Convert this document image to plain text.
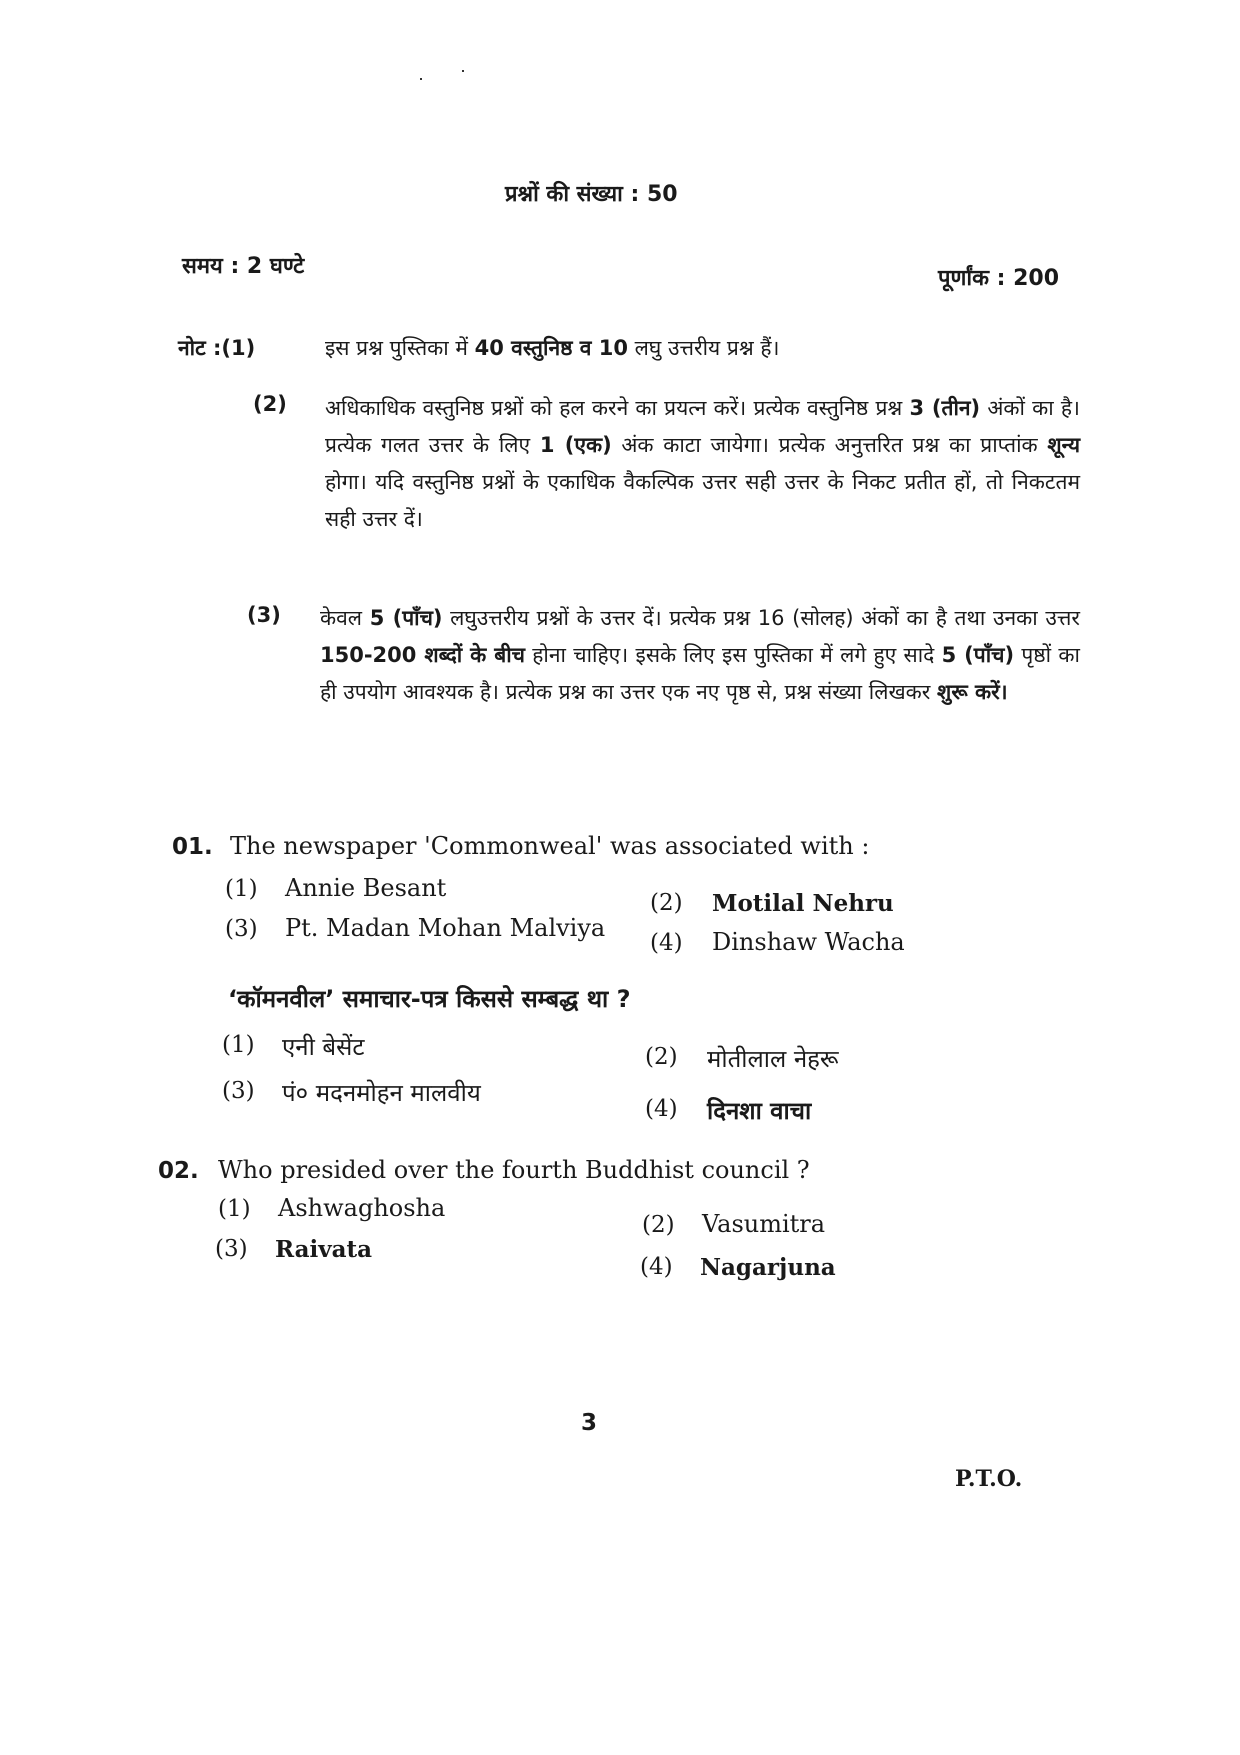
प्रश्नों की संख्या : 50
समय : 2 घण्टे	पूर्णांक : 200
नोट :(1)	इस प्रश्न पुस्तिका में 40 वस्तुनिष्ठ व 10 लघु उत्तरीय प्रश्न हैं।
(2) अधिकाधिक वस्तुनिष्ठ प्रश्नों को हल करने का प्रयत्न करें। प्रत्येक वस्तुनिष्ठ प्रश्न 3 (तीन) अंकों का है। प्रत्येक गलत उत्तर के लिए 1 (एक) अंक काटा जायेगा। प्रत्येक अनुत्तरित प्रश्न का प्राप्तांक शून्य होगा। यदि वस्तुनिष्ठ प्रश्नों के एकाधिक वैकल्पिक उत्तर सही उत्तर के निकट प्रतीत हों, तो निकटतम सही उत्तर दें।
(3) केवल 5 (पाँच) लघुउत्तरीय प्रश्नों के उत्तर दें। प्रत्येक प्रश्न 16 (सोलह) अंकों का है तथा उनका उत्तर 150-200 शब्दों के बीच होना चाहिए। इसके लिए इस पुस्तिका में लगे हुए सादे 5 (पाँच) पृष्ठों का ही उपयोग आवश्यक है। प्रत्येक प्रश्न का उत्तर एक नए पृष्ठ से, प्रश्न संख्या लिखकर शुरू करें।
01. The newspaper 'Commonweal' was associated with :
(1) Annie Besant
(2) Motilal Nehru
(3) Pt. Madan Mohan Malviya
(4) Dinshaw Wacha
‘कॉमनवील’ समाचार-पत्र किससे सम्बद्ध था ?
(1) एनी बेसेंट	(2) मोतीलाल नेहरू
(3) पं० मदनमोहन मालवीय
(4) दिनशा वाचा
02. Who presided over the fourth Buddhist council ?
(1) Ashwaghosha
(2) Vasumitra
(3) Raivata
(4) Nagarjuna
3
P.T.O.
